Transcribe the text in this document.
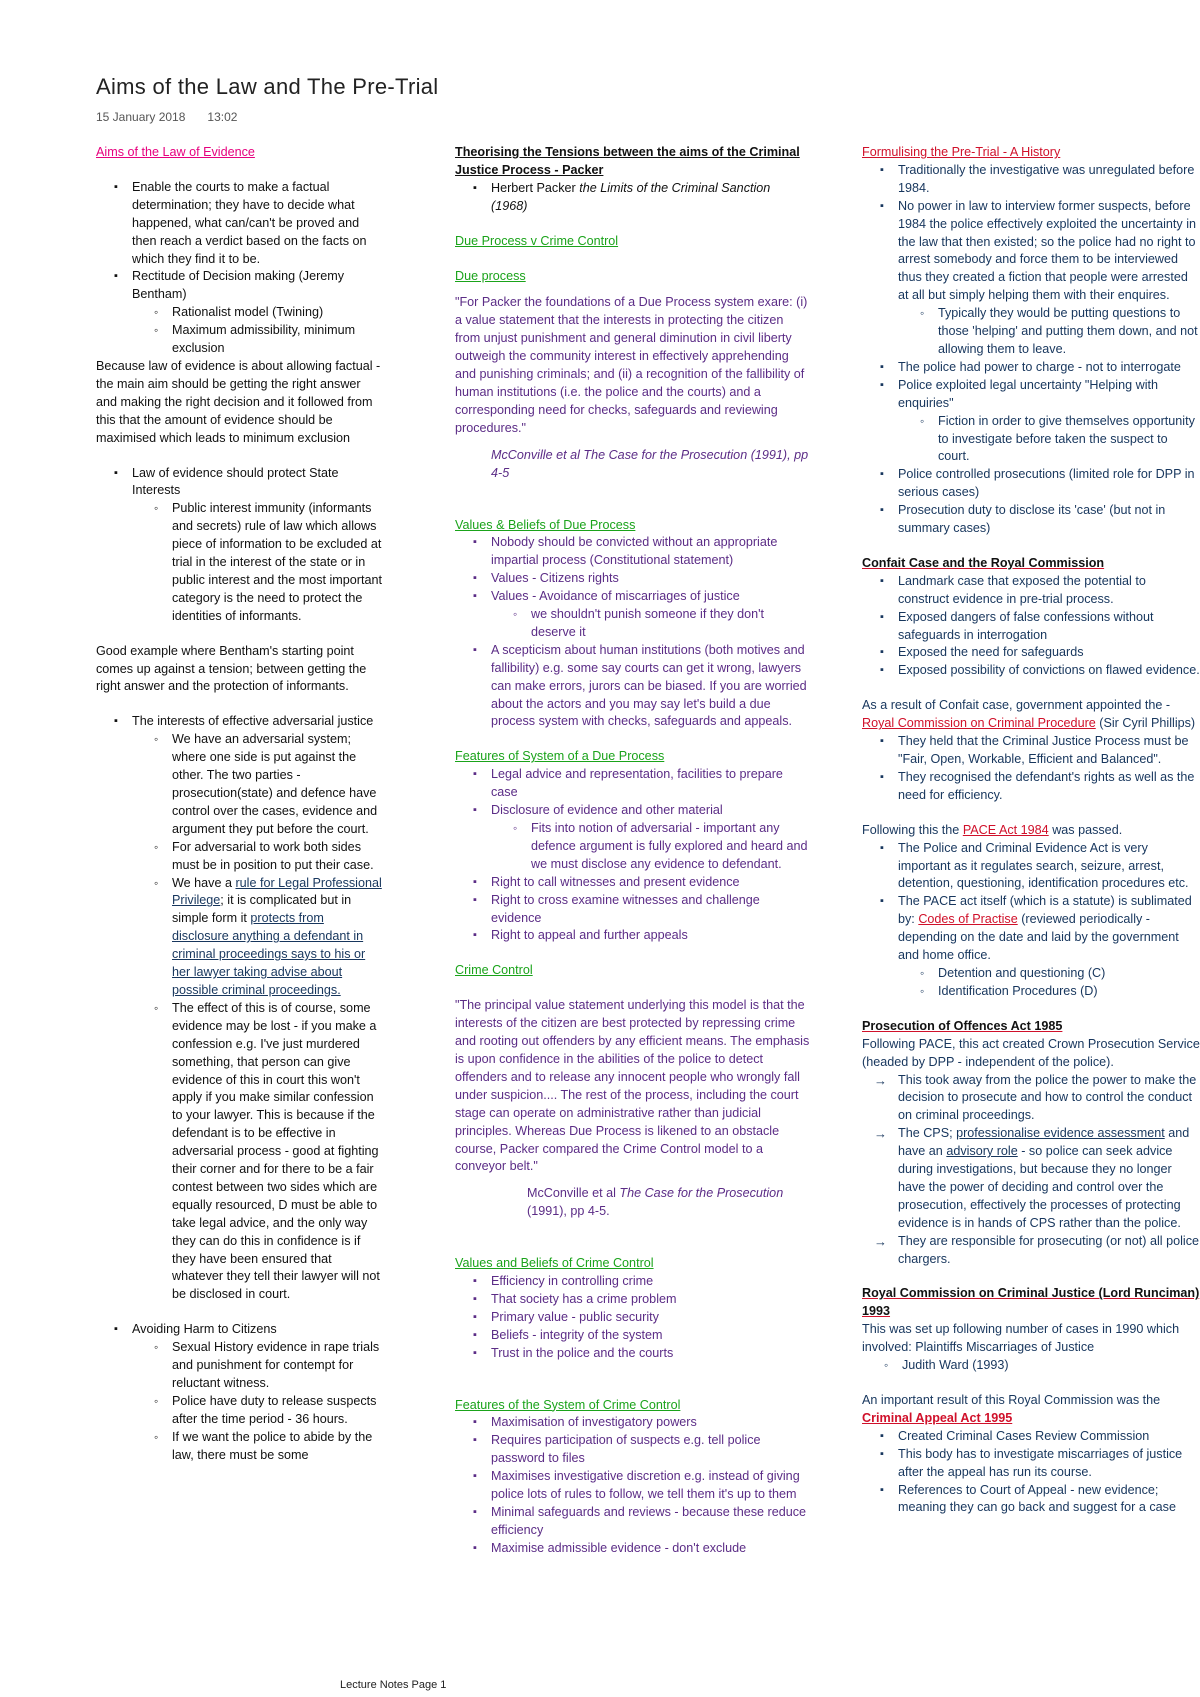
Aims of the Law and The Pre-Trial
15 January 2018 13:02

Aims of the Law of Evidence

▪ Enable the courts to make a factual determination; they have to decide what happened, what can/can't be proved and then reach a verdict based on the facts on which they find it to be.
▪ Rectitude of Decision making (Jeremy Bentham)
◦ Rationalist model (Twining)
◦ Maximum admissibility, minimum exclusion

Because law of evidence is about allowing factual - the main aim should be getting the right answer and making the right decision and it followed from this that the amount of evidence should be maximised which leads to minimum exclusion

▪ Law of evidence should protect State Interests
◦ Public interest immunity (informants and secrets) rule of law which allows piece of information to be excluded at trial in the interest of the state or in public interest and the most important category is the need to protect the identities of informants.

Good example where Bentham's starting point comes up against a tension; between getting the right answer and the protection of informants.

▪ The interests of effective adversarial justice
◦ We have an adversarial system; where one side is put against the other. The two parties - prosecution(state) and defence have control over the cases, evidence and argument they put before the court.
◦ For adversarial to work both sides must be in position to put their case.
◦ We have a rule for Legal Professional Privilege; it is complicated but in simple form it protects from disclosure anything a defendant in criminal proceedings says to his or her lawyer taking advise about possible criminal proceedings.
◦ The effect of this is of course, some evidence may be lost - if you make a confession e.g. I've just murdered something, that person can give evidence of this in court this won't apply if you make similar confession to your lawyer. This is because if the defendant is to be effective in adversarial process - good at fighting their corner and for there to be a fair contest between two sides which are equally resourced, D must be able to take legal advice, and the only way they can do this in confidence is if they have been ensured that whatever they tell their lawyer will not be disclosed in court.
▪ Avoiding Harm to Citizens
◦ Sexual History evidence in rape trials and punishment for contempt for reluctant witness.
◦ Police have duty to release suspects after the time period - 36 hours.
◦ If we want the police to abide by the law, there must be some

Theorising the Tensions between the aims of the Criminal Justice Process - Packer

▪ Herbert Packer the Limits of the Criminal Sanction (1968)

Due Process v Crime Control

Due process

"For Packer the foundations of a Due Process system exare: (i) a value statement that the interests in protecting the citizen from unjust punishment and general diminution in civil liberty outweigh the community interest in effectively apprehending and punishing criminals; and (ii) a recognition of the fallibility of human institutions (i.e. the police and the courts) and a corresponding need for checks, safeguards and reviewing procedures."

McConville et al The Case for the Prosecution (1991), pp 4-5

Values & Beliefs of Due Process

▪ Nobody should be convicted without an appropriate impartial process (Constitutional statement)
▪ Values - Citizens rights
▪ Values - Avoidance of miscarriages of justice
◦ we shouldn't punish someone if they don't deserve it
▪ A scepticism about human institutions (both motives and fallibility) e.g. some say courts can get it wrong, lawyers can make errors, jurors can be biased. If you are worried about the actors and you may say let's build a due process system with checks, safeguards and appeals.

Features of System of a Due Process

▪ Legal advice and representation, facilities to prepare case
▪ Disclosure of evidence and other material
◦ Fits into notion of adversarial - important any defence argument is fully explored and heard and we must disclose any evidence to defendant.
▪ Right to call witnesses and present evidence
▪ Right to cross examine witnesses and challenge evidence
▪ Right to appeal and further appeals

Crime Control

"The principal value statement underlying this model is that the interests of the citizen are best protected by repressing crime and rooting out offenders by any efficient means. The emphasis is upon confidence in the abilities of the police to detect offenders and to release any innocent people who wrongly fall under suspicion.... The rest of the process, including the court stage can operate on administrative rather than judicial principles. Whereas Due Process is likened to an obstacle course, Packer compared the Crime Control model to a conveyor belt."

McConville et al The Case for the Prosecution (1991), pp 4-5.

Values and Beliefs of Crime Control

▪ Efficiency in controlling crime
▪ That society has a crime problem
▪ Primary value - public security
▪ Beliefs - integrity of the system
▪ Trust in the police and the courts

Features of the System of Crime Control

▪ Maximisation of investigatory powers
▪ Requires participation of suspects e.g. tell police password to files
▪ Maximises investigative discretion e.g. instead of giving police lots of rules to follow, we tell them it's up to them
▪ Minimal safeguards and reviews - because these reduce efficiency
▪ Maximise admissible evidence - don't exclude

Formulising the Pre-Trial - A History

▪ Traditionally the investigative was unregulated before 1984.
▪ No power in law to interview former suspects, before 1984 the police effectively exploited the uncertainty in the law that then existed; so the police had no right to arrest somebody and force them to be interviewed thus they created a fiction that people were arrested at all but simply helping them with their enquires.
◦ Typically they would be putting questions to those 'helping' and putting them down, and not allowing them to leave.
▪ The police had power to charge - not to interrogate
▪ Police exploited legal uncertainty "Helping with enquiries"
◦ Fiction in order to give themselves opportunity to investigate before taken the suspect to court.
▪ Police controlled prosecutions (limited role for DPP in serious cases)
▪ Prosecution duty to disclose its 'case' (but not in summary cases)

Confait Case and the Royal Commission

▪ Landmark case that exposed the potential to construct evidence in pre-trial process.
▪ Exposed dangers of false confessions without safeguards in interrogation
▪ Exposed the need for safeguards
▪ Exposed possibility of convictions on flawed evidence.

As a result of Confait case, government appointed the - Royal Commission on Criminal Procedure (Sir Cyril Phillips)

▪ They held that the Criminal Justice Process must be "Fair, Open, Workable, Efficient and Balanced".
▪ They recognised the defendant's rights as well as the need for efficiency.

Following this the PACE Act 1984 was passed.

▪ The Police and Criminal Evidence Act is very important as it regulates search, seizure, arrest, detention, questioning, identification procedures etc.
▪ The PACE act itself (which is a statute) is sublimated by: Codes of Practise (reviewed periodically - depending on the date and laid by the government and home office.
◦ Detention and questioning (C)
◦ Identification Procedures (D)

Prosecution of Offences Act 1985

Following PACE, this act created Crown Prosecution Service (headed by DPP - independent of the police).

→ This took away from the police the power to make the decision to prosecute and how to control the conduct on criminal proceedings.
→ The CPS; professionalise evidence assessment and have an advisory role - so police can seek advice during investigations, but because they no longer have the power of deciding and control over the prosecution, effectively the processes of protecting evidence is in hands of CPS rather than the police.
→ They are responsible for prosecuting (or not) all police chargers.

Royal Commission on Criminal Justice (Lord Runciman) 1993

This was set up following number of cases in 1990 which involved: Plaintiffs Miscarriages of Justice

◦ Judith Ward (1993)

An important result of this Royal Commission was the Criminal Appeal Act 1995

▪ Created Criminal Cases Review Commission
▪ This body has to investigate miscarriages of justice after the appeal has run its course.
▪ References to Court of Appeal - new evidence; meaning they can go back and suggest for a case
Lecture Notes Page 1
